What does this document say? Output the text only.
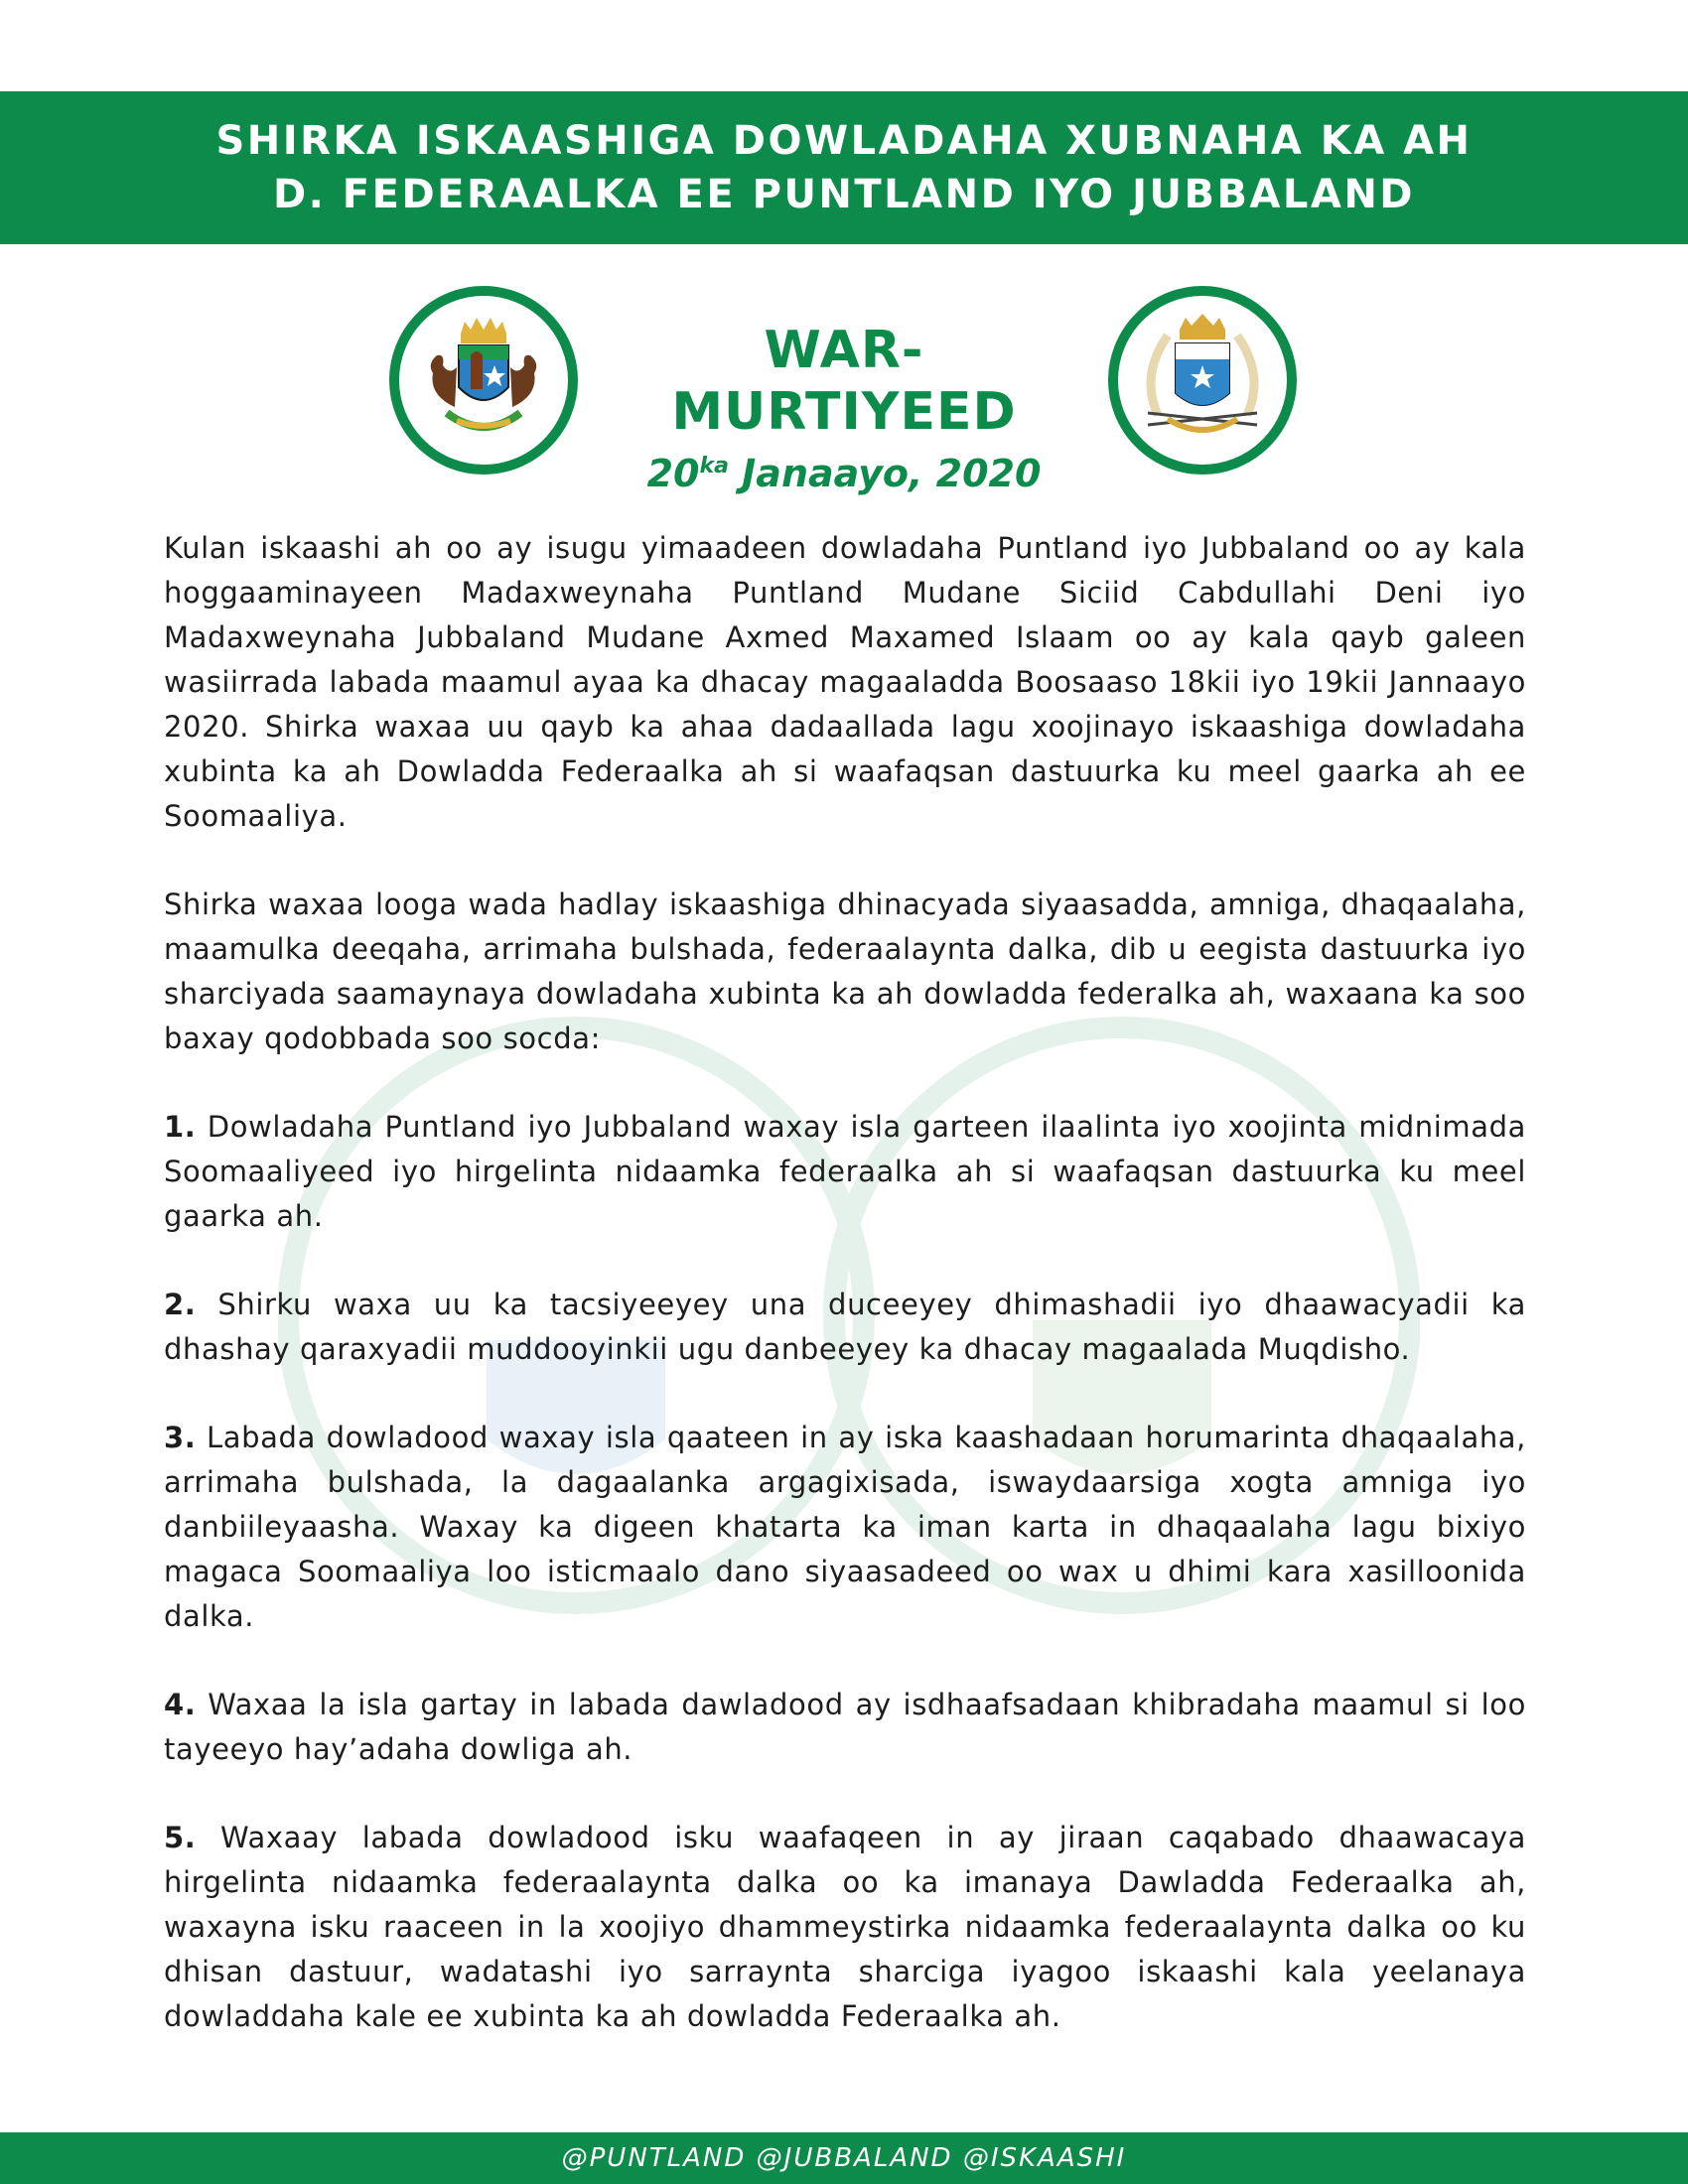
SHIRKA ISKAASHIGA DOWLADAHA XUBNAHA KA AH
D. FEDERAALKA EE PUNTLAND IYO JUBBALAND
WAR-MURTIYEED
$20^{ka}$ Janaayo, 2020

Kulan iskaashi ah oo ay isugu yimaadeen dowladaha Puntland iyo Jubbaland oo ay kala hoggaaminayeen Madaxweynaha Puntland Mudane Siciid Cabdullahi Deni iyo Madaxweynaha Jubbaland Mudane Axmed Maxamed Islaam oo ay kala qayb galeen wasiirrada labada maamul ayaa ka dhacay magaaladda Boosaaso 18kii iyo 19kii Jannaayo 2020. Shirka waxaa uu qayb ka ahaa dadaallada lagu xoojinayo iskaashiga dowladaha xubinta ka ah Dowladda Federaalka ah si waafaqsan dastuurka ku meel gaarka ah ee Soomaaliya.

Shirka waxaa looga wada hadlay iskaashiga dhinacyada siyaasadda, amniga, dhaqaalaha, maamulka deeqaha, arrimaha bulshada, federaalaynta dalka, dib u eegista dastuurka iyo sharciyada saamaynaya dowladaha xubinta ka ah dowladda federalka ah, waxaana ka soo baxay qodobbada soo socda:

1. Dowladaha Puntland iyo Jubbaland waxay isla garteen ilaalinta iyo xoojinta midnimada Soomaaliyeed iyo hirgelinta nidaamka federaalka ah si waafaqsan dastuurka ku meel gaarka ah.

2. Shirku waxa uu ka tacsiyeeyey una duceeyey dhimashadii iyo dhaawacyadii ka dhashay qaraxyadii muddooyinkii ugu danbeeyey ka dhacay magaalada Muqdisho.

3. Labada dowladood waxay isla qaateen in ay iska kaashadaan horumarinta dhaqaalaha, arrimaha bulshada, la dagaalanka argagixisada, iswaydaarsiga xogta amniga iyo danbiileyaasha. Waxay ka digeen khatarta ka iman karta in dhaqaalaha lagu bixiyo magaca Soomaaliya loo isticmaalo dano siyaasadeed oo wax u dhimi kara xasilloonida dalka.

4. Waxaa la isla gartay in labada dawladood ay isdhaafsadaan khibradaha maamul si loo tayeeyo hay’adaha dowliga ah.

5. Waxaay labada dowladood isku waafaqeen in ay jiraan caqabado dhaawacaya hirgelinta nidaamka federaalaynta dalka oo ka imanaya Dawladda Federaalka ah, waxayna isku raaceen in la xoojiyo dhammeystirka nidaamka federaalaynta dalka oo ku dhisan dastuur, wadatashi iyo sarraynta sharciga iyagoo iskaashi kala yeelanaya dowladdaha kale ee xubinta ka ah dowladda Federaalka ah.

@PUNTLAND @JUBBALAND @ISKAASHI
